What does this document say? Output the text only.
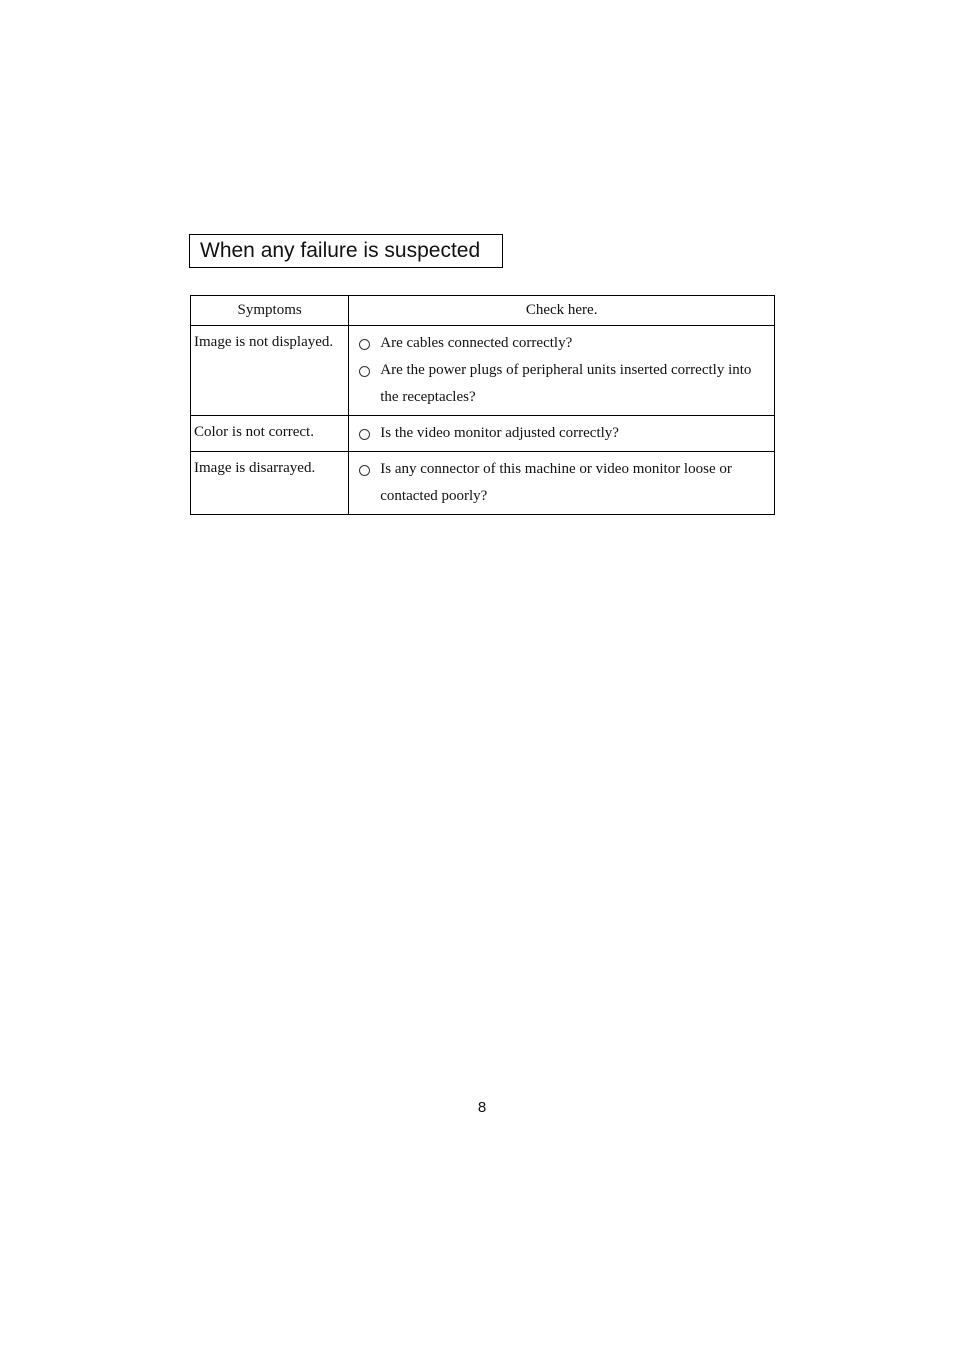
When any failure is suspected
Symptoms	Check here.
Image is not displayed.	Are cables connected correctly?
Are the power plugs of peripheral units inserted correctly into the receptacles?

Color is not correct.	Is the video monitor adjusted correctly?

Image is disarrayed.	Is any connector of this machine or video monitor loose or contacted poorly?
8
